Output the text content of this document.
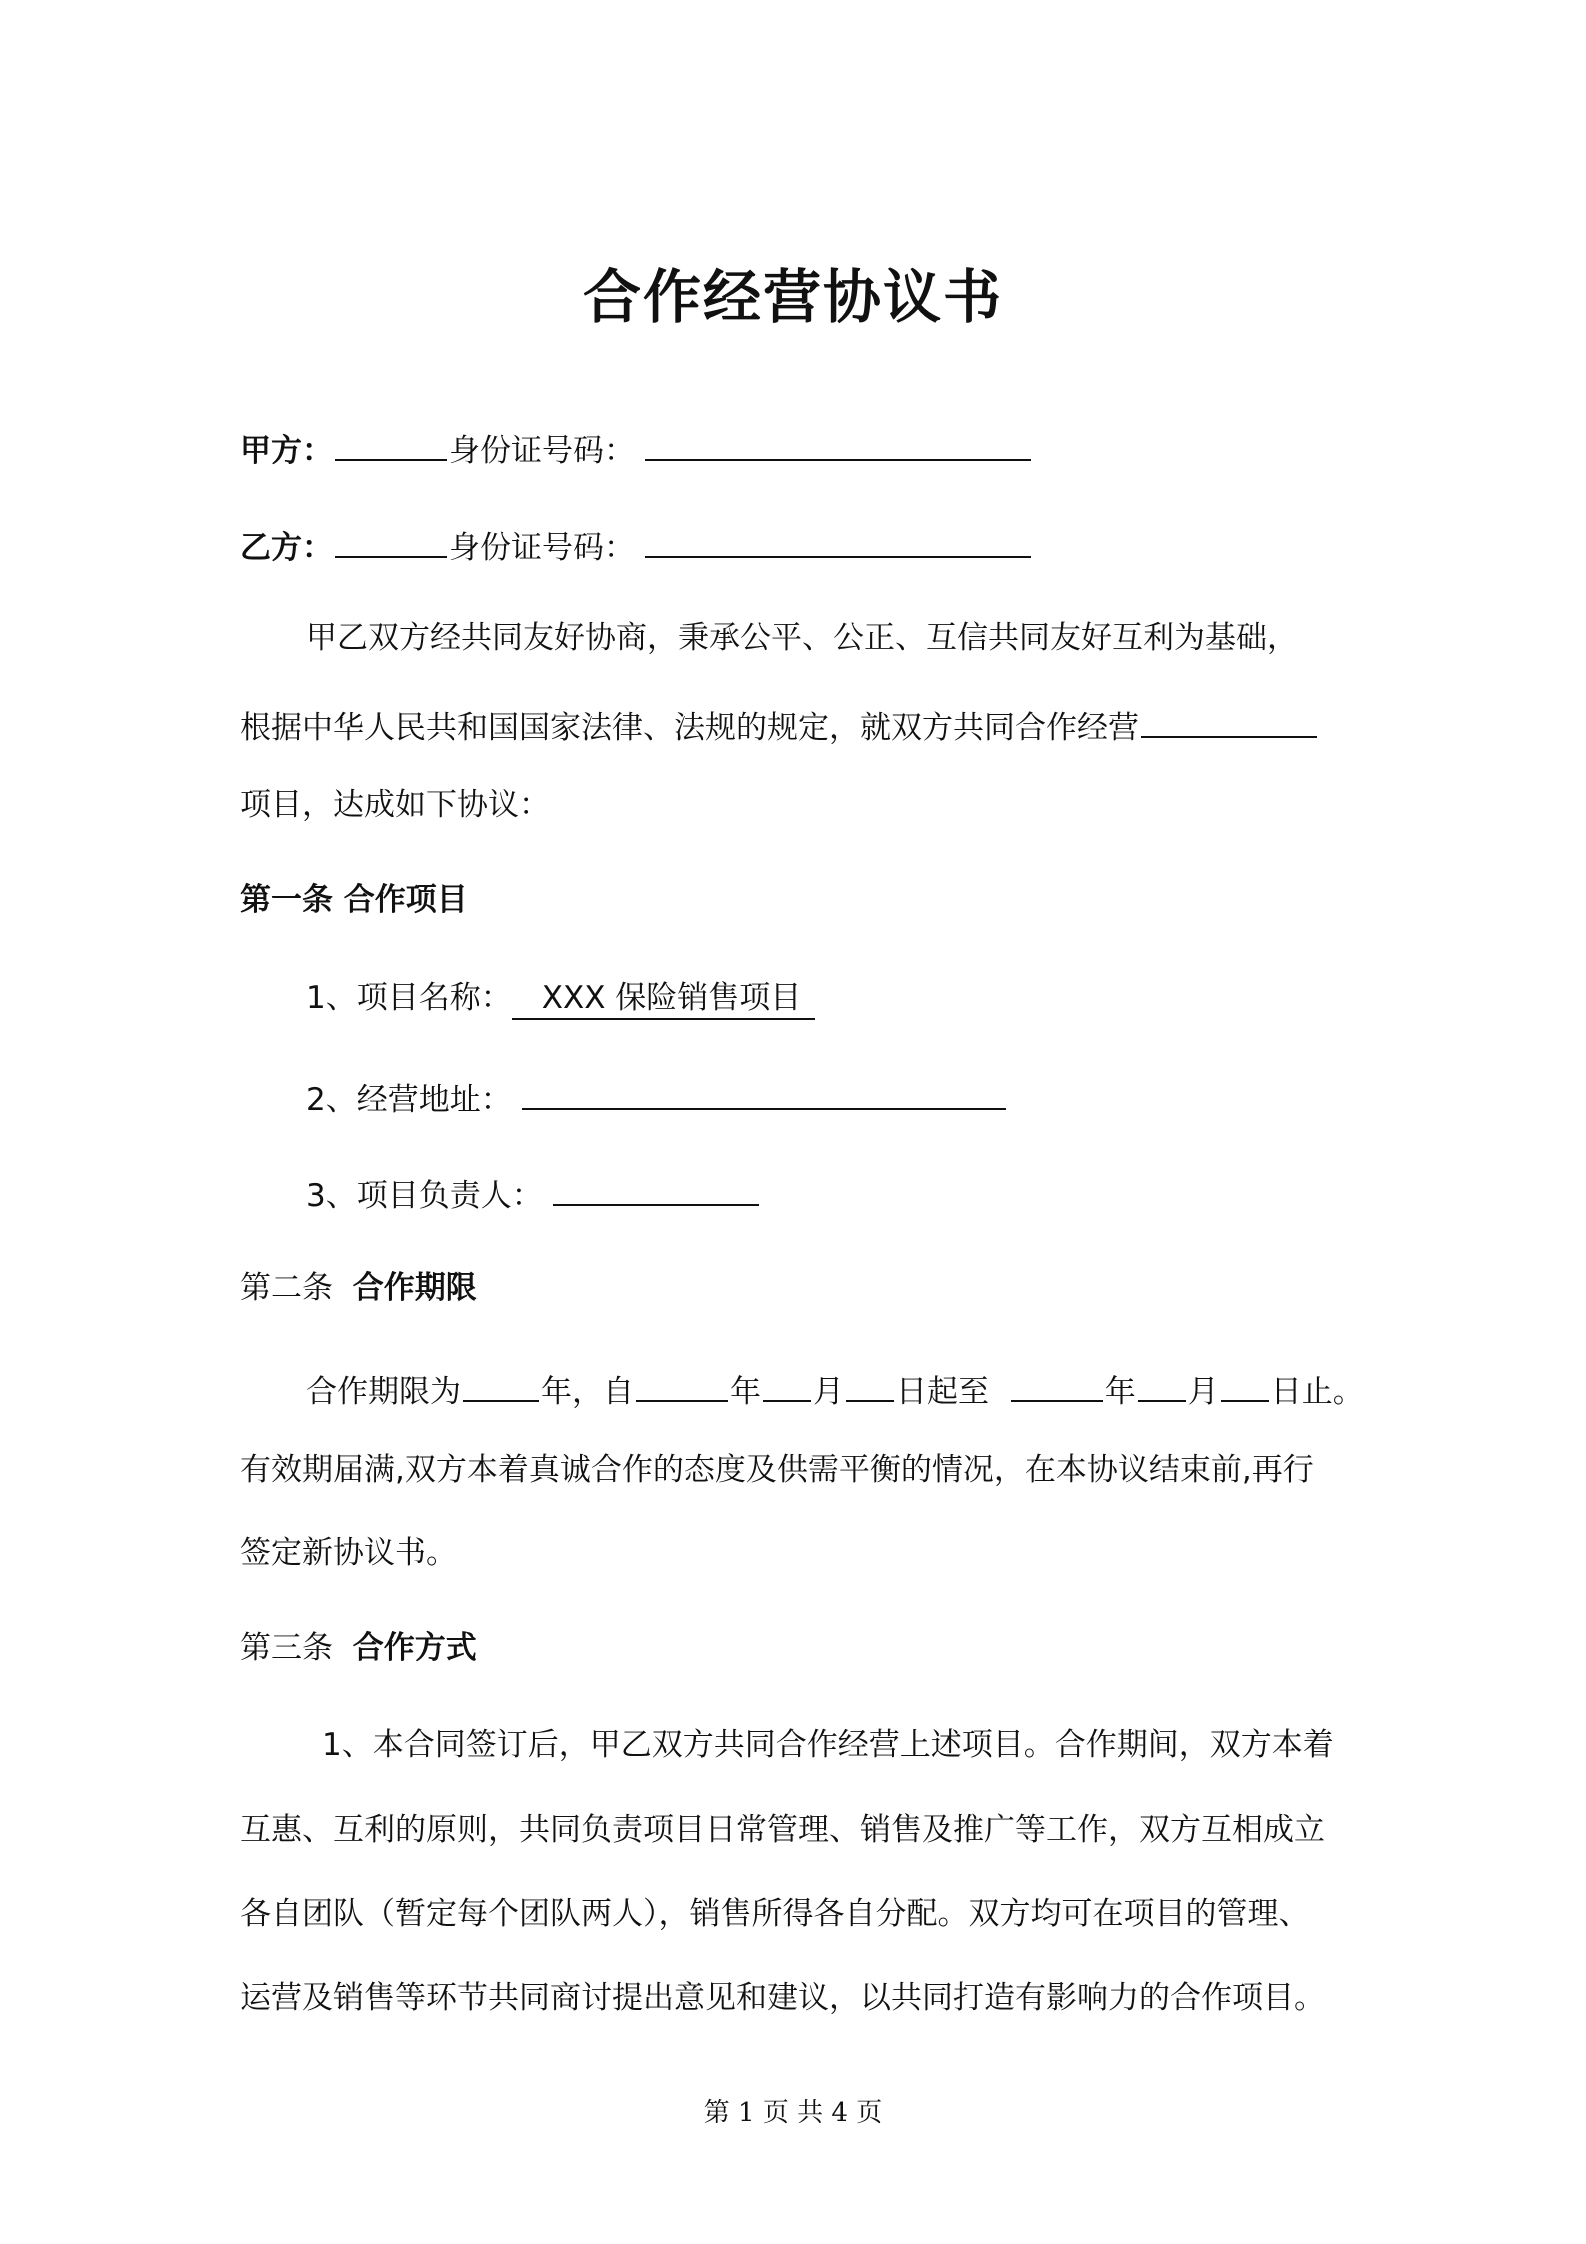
合作经营协议书
甲方：	身份证号码：
乙方：	身份证号码：
甲乙双方经共同友好协商，秉承公平、公正、互信共同友好互利为基础，
根据中华人民共和国国家法律、法规的规定，就双方共同合作经营
项目，达成如下协议：
第一条 合作项目
1、项目名称： XXX 保险销售项目
2、经营地址：
3、项目负责人：
第二条 合作期限
合作期限为	年，自	年 月 日起至	年 月 日止。
有效期届满,双方本着真诚合作的态度及供需平衡的情况，在本协议结束前,再行
签定新协议书。
第三条 合作方式
1、本合同签订后，甲乙双方共同合作经营上述项目。合作期间，双方本着
互惠、互利的原则，共同负责项目日常管理、销售及推广等工作，双方互相成立
各自团队（暂定每个团队两人），销售所得各自分配。双方均可在项目的管理、
运营及销售等环节共同商讨提出意见和建议，以共同打造有影响力的合作项目。
第 1 页 共 4 页
